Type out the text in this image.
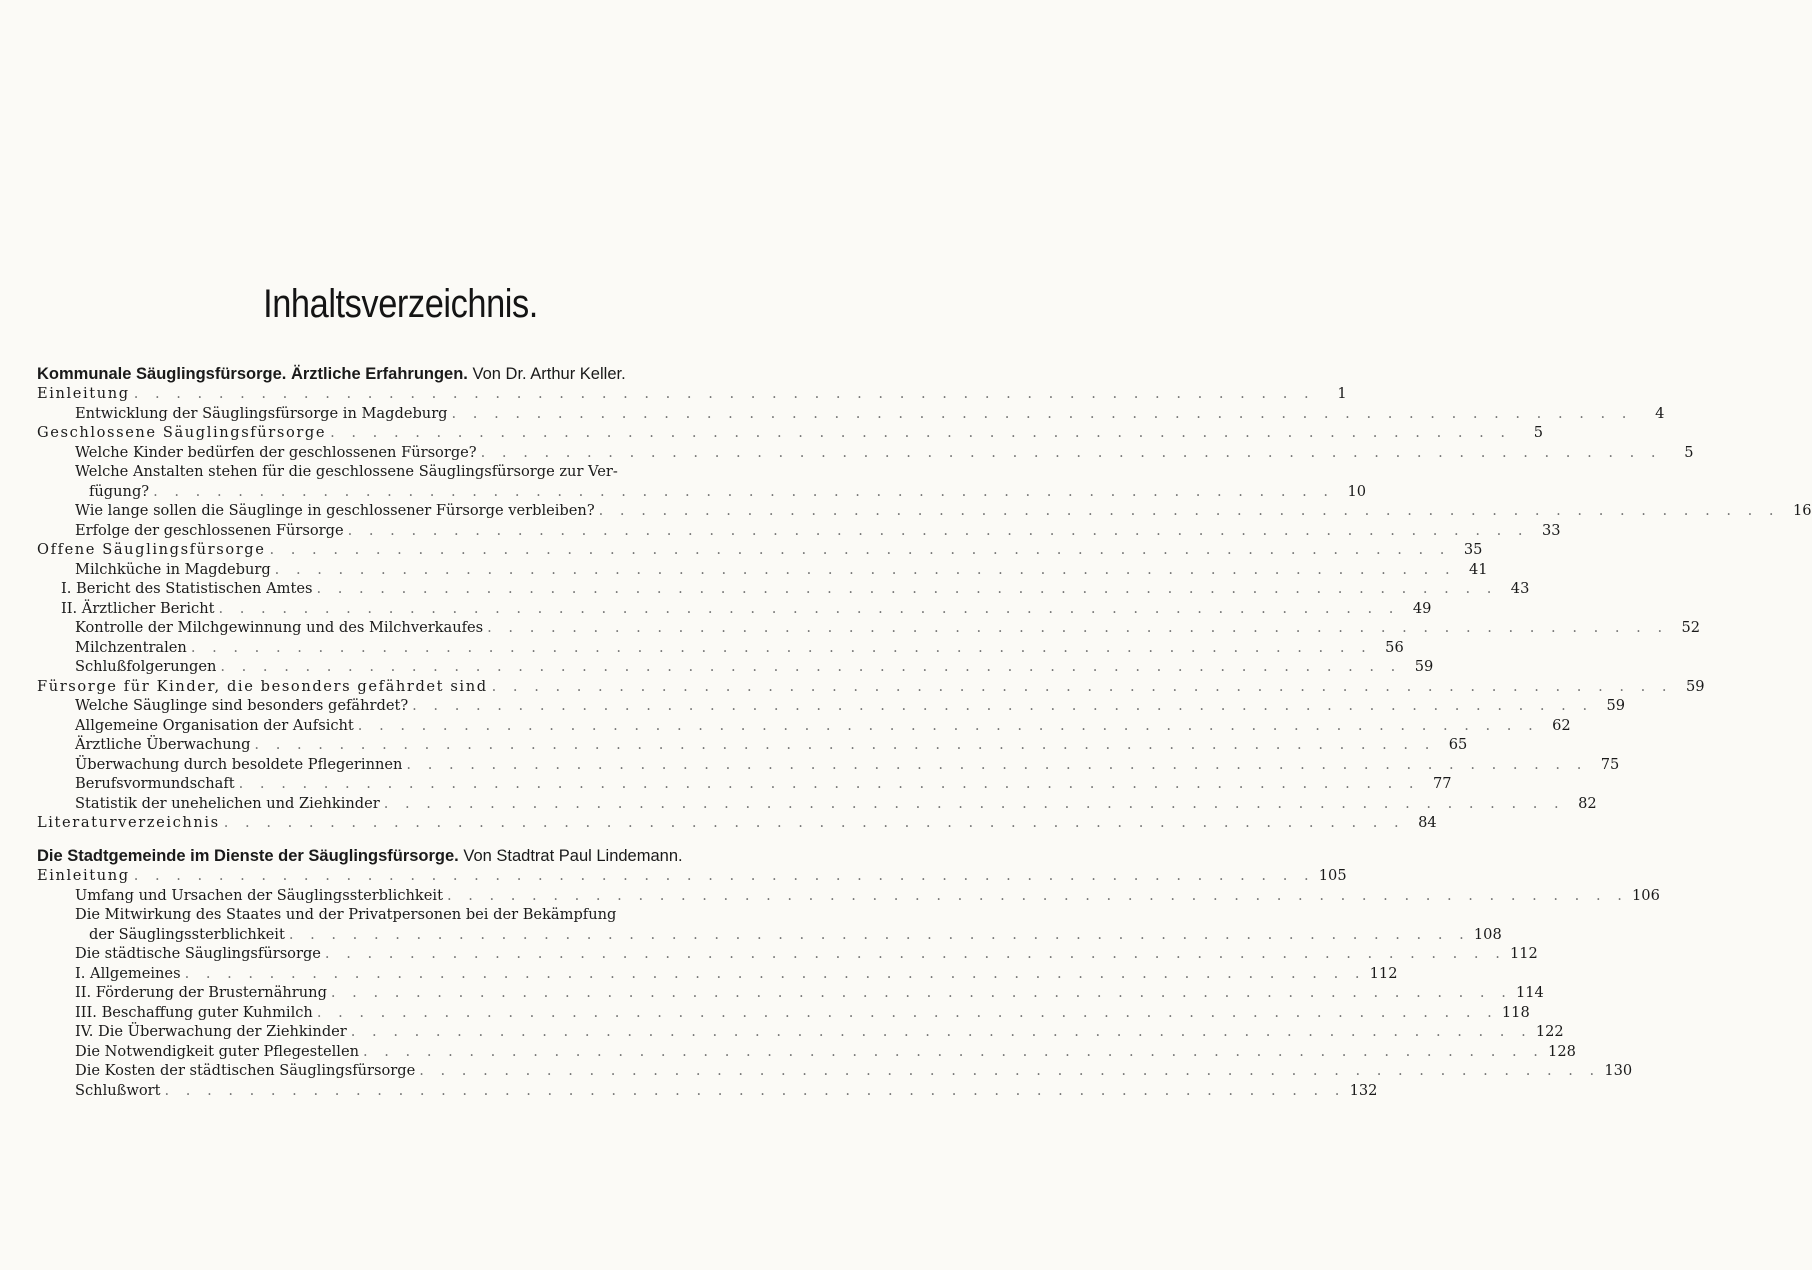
Inhaltsverzeichnis.
Kommunale Säuglingsfürsorge. Ärztliche Erfahrungen. Von Dr. Arthur Keller.
Einleitung . . .	1
Entwicklung der Säuglingsfürsorge in Magdeburg . . .	4
Geschlossene Säuglingsfürsorge . . .	5
Welche Kinder bedürfen der geschlossenen Fürsorge? . . .	5
Welche Anstalten stehen für die geschlossene Säuglingsfürsorge zur Ver-
fügung? . . .	10
Wie lange sollen die Säuglinge in geschlossener Fürsorge verbleiben? . . .	16
Erfolge der geschlossenen Fürsorge . . .	33
Offene Säuglingsfürsorge . . .	35
Milchküche in Magdeburg . . .	41
I. Bericht des Statistischen Amtes . . .	43
II. Ärztlicher Bericht . . .	49
Kontrolle der Milchgewinnung und des Milchverkaufes . . .	52
Milchzentralen . . .	56
Schlußfolgerungen . . .	59
Fürsorge für Kinder, die besonders gefährdet sind . . .	59
Welche Säuglinge sind besonders gefährdet? . . .	59
Allgemeine Organisation der Aufsicht . . .	62
Ärztliche Überwachung . . .	65
Überwachung durch besoldete Pflegerinnen . . .	75
Berufsvormundschaft . . .	77
Statistik der unehelichen und Ziehkinder . . .	82
Literaturverzeichnis . . .	84
Die Stadtgemeinde im Dienste der Säuglingsfürsorge. Von Stadtrat Paul Lindemann.
Einleitung . . .	105
Umfang und Ursachen der Säuglingssterblichkeit . . .	106
Die Mitwirkung des Staates und der Privatpersonen bei der Bekämpfung
der Säuglingssterblichkeit . . .	108
Die städtische Säuglingsfürsorge . . .	112
I. Allgemeines . . .	112
II. Förderung der Brusternährung . . .	114
III. Beschaffung guter Kuhmilch . . .	118
IV. Die Überwachung der Ziehkinder . . .	122
Die Notwendigkeit guter Pflegestellen . . .	128
Die Kosten der städtischen Säuglingsfürsorge . . .	130
Schlußwort . . .	132
